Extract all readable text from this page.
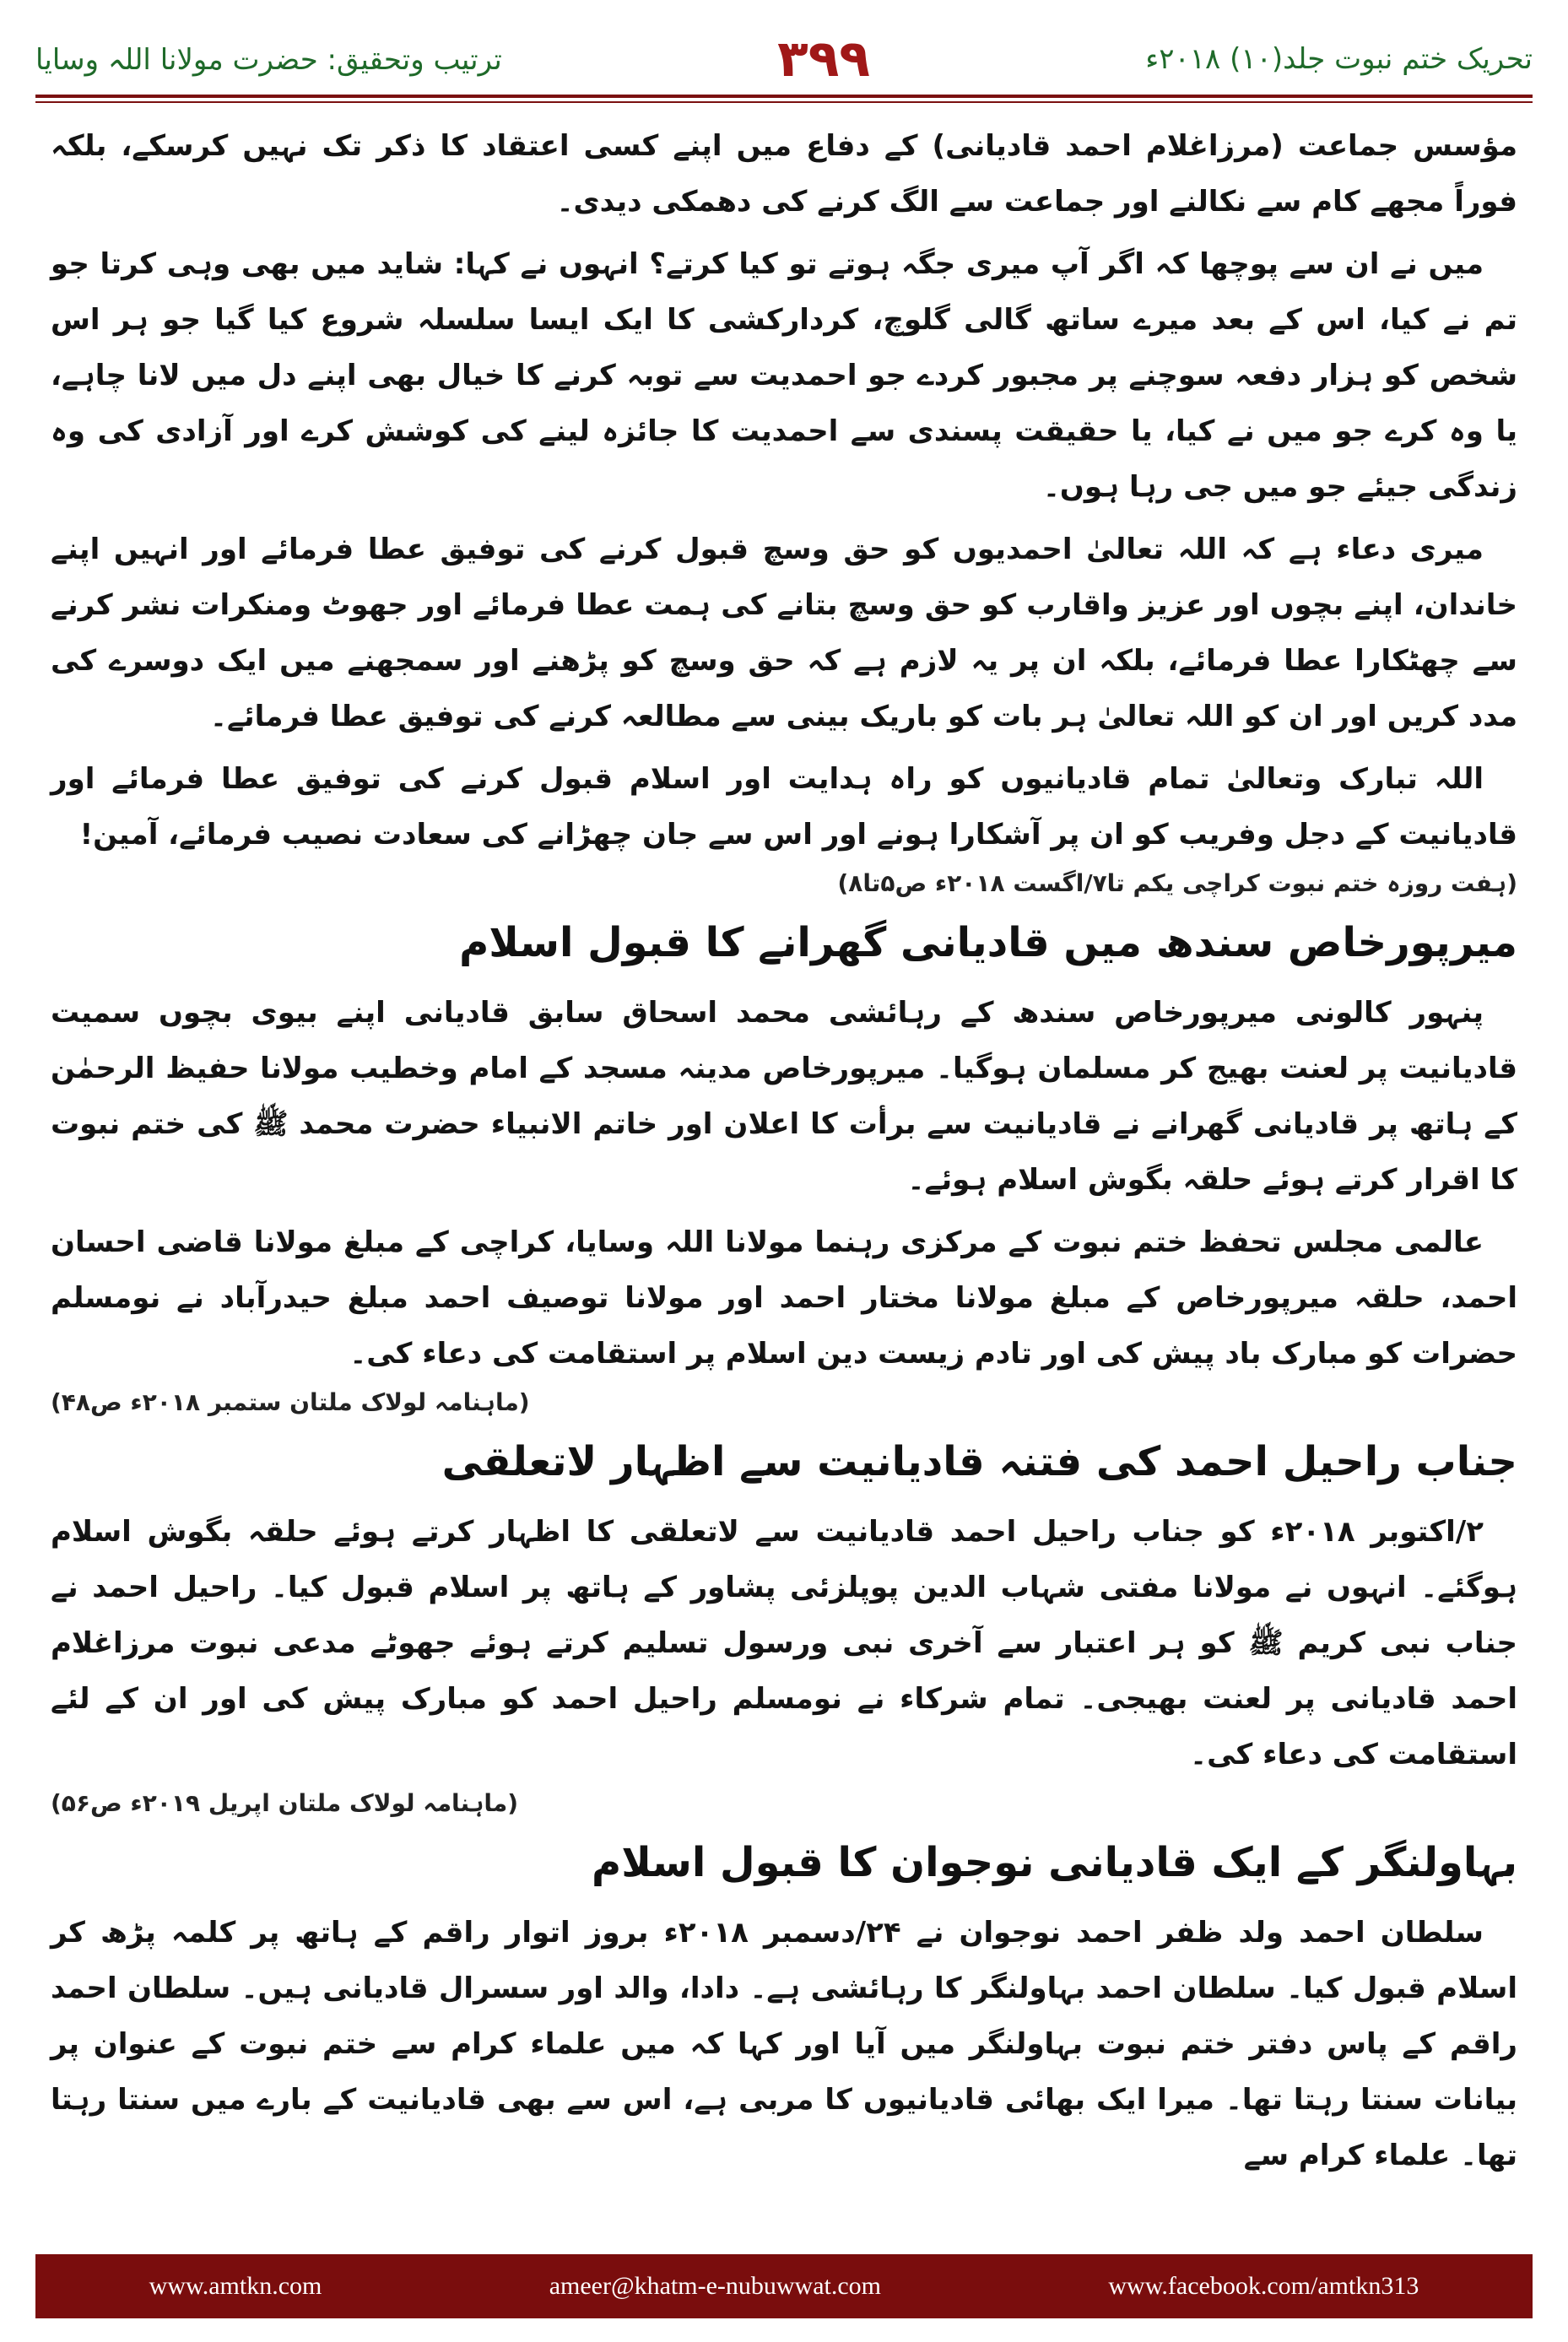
ترتیب وتحقیق: حضرت مولانا اللہ وسایا	۳۹۹	تحریک ختم نبوت جلد(۱۰) ۲۰۱۸ء

مؤسس جماعت (مرزاغلام احمد قادیانی) کے دفاع میں اپنے کسی اعتقاد کا ذکر تک نہیں کرسکے، بلکہ فوراً مجھے کام سے نکالنے اور جماعت سے الگ کرنے کی دھمکی دیدی۔

میں نے ان سے پوچھا کہ اگر آپ میری جگہ ہوتے تو کیا کرتے؟ انہوں نے کہا: شاید میں بھی وہی کرتا جو تم نے کیا، اس کے بعد میرے ساتھ گالی گلوچ، کردارکشی کا ایک ایسا سلسلہ شروع کیا گیا جو ہر اس شخص کو ہزار دفعہ سوچنے پر مجبور کردے جو احمدیت سے توبہ کرنے کا خیال بھی اپنے دل میں لانا چاہے، یا وہ کرے جو میں نے کیا، یا حقیقت پسندی سے احمدیت کا جائزہ لینے کی کوشش کرے اور آزادی کی وہ زندگی جیئے جو میں جی رہا ہوں۔

میری دعاء ہے کہ اللہ تعالیٰ احمدیوں کو حق وسچ قبول کرنے کی توفیق عطا فرمائے اور انہیں اپنے خاندان، اپنے بچوں اور عزیز واقارب کو حق وسچ بتانے کی ہمت عطا فرمائے اور جھوٹ ومنکرات نشر کرنے سے چھٹکارا عطا فرمائے، بلکہ ان پر یہ لازم ہے کہ حق وسچ کو پڑھنے اور سمجھنے میں ایک دوسرے کی مدد کریں اور ان کو اللہ تعالیٰ ہر بات کو باریک بینی سے مطالعہ کرنے کی توفیق عطا فرمائے۔

اللہ تبارک وتعالیٰ تمام قادیانیوں کو راہ ہدایت اور اسلام قبول کرنے کی توفیق عطا فرمائے اور قادیانیت کے دجل وفریب کو ان پر آشکارا ہونے اور اس سے جان چھڑانے کی سعادت نصیب فرمائے، آمین!

(ہفت روزہ ختم نبوت کراچی یکم تا۷/اگست ۲۰۱۸ء ص۵تا۸)
میرپورخاص سندھ میں قادیانی گھرانے کا قبول اسلام

پنہور کالونی میرپورخاص سندھ کے رہائشی محمد اسحاق سابق قادیانی اپنے بیوی بچوں سمیت قادیانیت پر لعنت بھیج کر مسلمان ہوگیا۔ میرپورخاص مدینہ مسجد کے امام وخطیب مولانا حفیظ الرحمٰن کے ہاتھ پر قادیانی گھرانے نے قادیانیت سے برأت کا اعلان اور خاتم الانبیاء حضرت محمد ﷺ کی ختم نبوت کا اقرار کرتے ہوئے حلقہ بگوش اسلام ہوئے۔

عالمی مجلس تحفظ ختم نبوت کے مرکزی رہنما مولانا اللہ وسایا، کراچی کے مبلغ مولانا قاضی احسان احمد، حلقہ میرپورخاص کے مبلغ مولانا مختار احمد اور مولانا توصیف احمد مبلغ حیدرآباد نے نومسلم حضرات کو مبارک باد پیش کی اور تادم زیست دین اسلام پر استقامت کی دعاء کی۔

(ماہنامہ لولاک ملتان ستمبر ۲۰۱۸ء ص۴۸)
جناب راحیل احمد کی فتنہ قادیانیت سے اظہار لاتعلقی

۲/اکتوبر ۲۰۱۸ء کو جناب راحیل احمد قادیانیت سے لاتعلقی کا اظہار کرتے ہوئے حلقہ بگوش اسلام ہوگئے۔ انہوں نے مولانا مفتی شہاب الدین پوپلزئی پشاور کے ہاتھ پر اسلام قبول کیا۔ راحیل احمد نے جناب نبی کریم ﷺ کو ہر اعتبار سے آخری نبی ورسول تسلیم کرتے ہوئے جھوٹے مدعی نبوت مرزاغلام احمد قادیانی پر لعنت بھیجی۔ تمام شرکاء نے نومسلم راحیل احمد کو مبارک پیش کی اور ان کے لئے استقامت کی دعاء کی۔

(ماہنامہ لولاک ملتان اپریل ۲۰۱۹ء ص۵۶)
بہاولنگر کے ایک قادیانی نوجوان کا قبول اسلام

سلطان احمد ولد ظفر احمد نوجوان نے ۲۴/دسمبر ۲۰۱۸ء بروز اتوار راقم کے ہاتھ پر کلمہ پڑھ کر اسلام قبول کیا۔ سلطان احمد بہاولنگر کا رہائشی ہے۔ دادا، والد اور سسرال قادیانی ہیں۔ سلطان احمد راقم کے پاس دفتر ختم نبوت بہاولنگر میں آیا اور کہا کہ میں علماء کرام سے ختم نبوت کے عنوان پر بیانات سنتا رہتا تھا۔ میرا ایک بھائی قادیانیوں کا مربی ہے، اس سے بھی قادیانیت کے بارے میں سنتا رہتا تھا۔ علماء کرام سے

www.amtkn.com	ameer@khatm-e-nubuwwat.com	www.facebook.com/amtkn313
